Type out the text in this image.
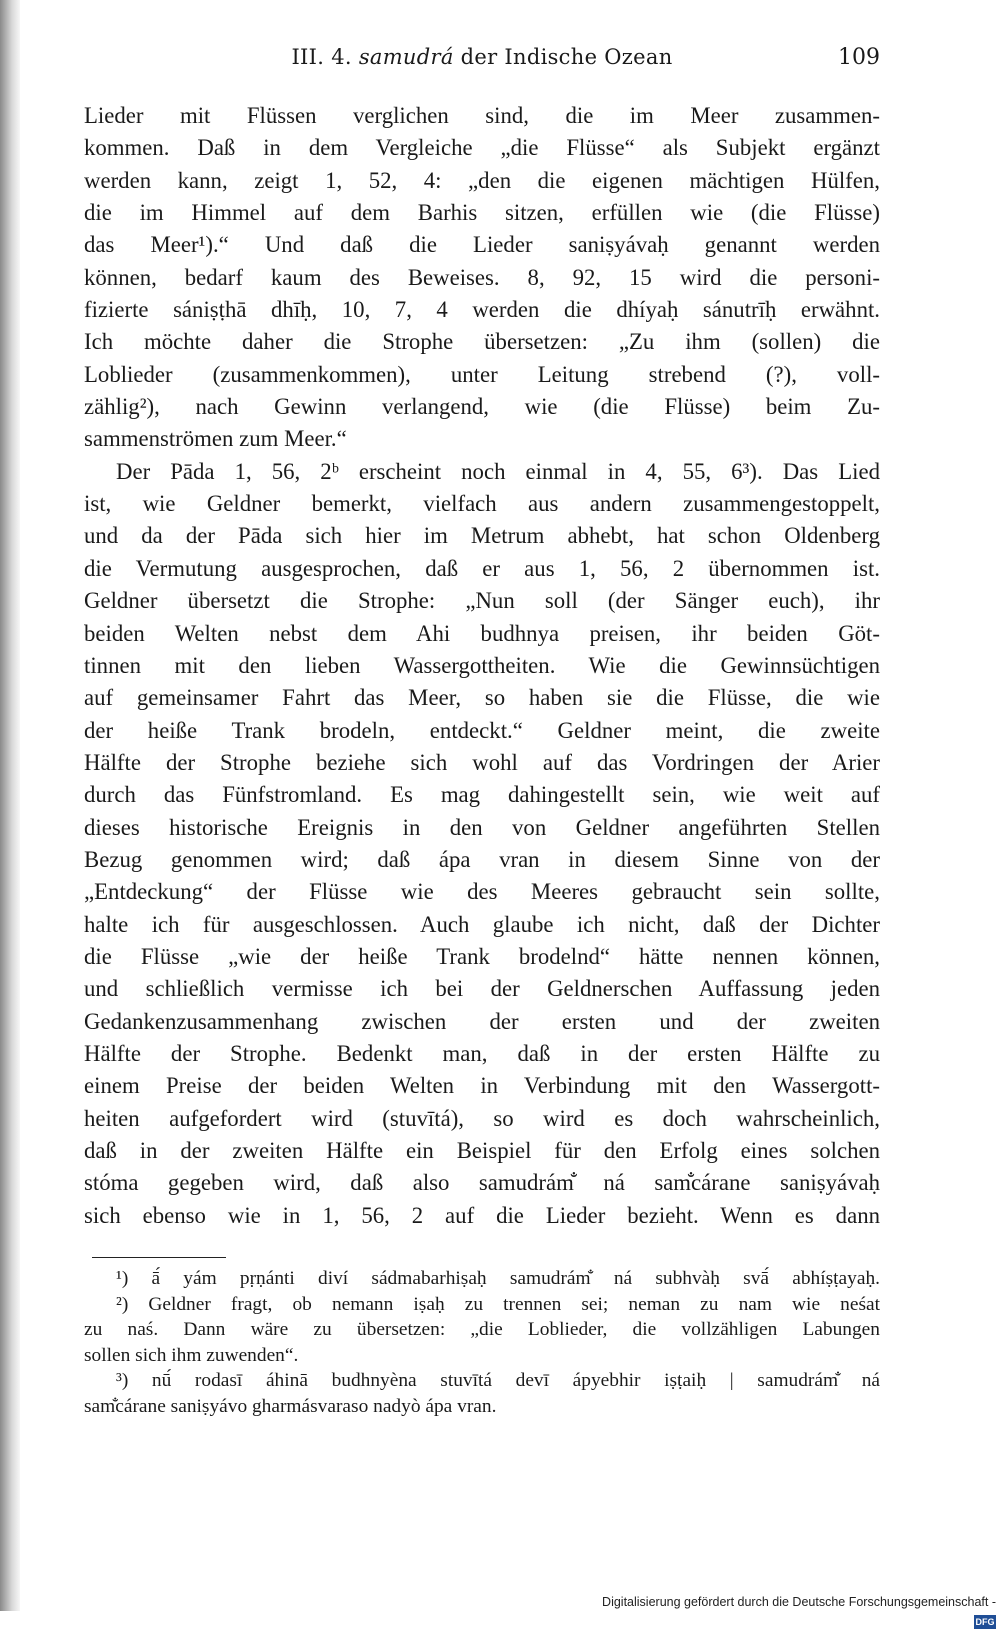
III. 4. samudrá der Indische Ozean	109
Lieder mit Flüssen verglichen sind, die im Meer zusammen-
kommen. Daß in dem Vergleiche „die Flüsse“ als Subjekt ergänzt
werden kann, zeigt 1, 52, 4: „den die eigenen mächtigen Hülfen,
die im Himmel auf dem Barhis sitzen, erfüllen wie (die Flüsse)
das Meer¹).“ Und daß die Lieder saniṣyávaḥ genannt werden
können, bedarf kaum des Beweises. 8, 92, 15 wird die personi-
fizierte sániṣṭhā dhīḥ, 10, 7, 4 werden die dhíyaḥ sánutrīḥ erwähnt.
Ich möchte daher die Strophe übersetzen: „Zu ihm (sollen) die
Loblieder (zusammenkommen), unter Leitung strebend (?), voll-
zählig²), nach Gewinn verlangend, wie (die Flüsse) beim Zu-
sammenströmen zum Meer.“
Der Pāda 1, 56, 2ᵇ erscheint noch einmal in 4, 55, 6³). Das Lied
ist, wie Geldner bemerkt, vielfach aus andern zusammengestoppelt,
und da der Pāda sich hier im Metrum abhebt, hat schon Oldenberg
die Vermutung ausgesprochen, daß er aus 1, 56, 2 übernommen ist.
Geldner übersetzt die Strophe: „Nun soll (der Sänger euch), ihr
beiden Welten nebst dem Ahi budhnya preisen, ihr beiden Göt-
tinnen mit den lieben Wassergottheiten. Wie die Gewinnsüchtigen
auf gemeinsamer Fahrt das Meer, so haben sie die Flüsse, die wie
der heiße Trank brodeln, entdeckt.“ Geldner meint, die zweite
Hälfte der Strophe beziehe sich wohl auf das Vordringen der Arier
durch das Fünfstromland. Es mag dahingestellt sein, wie weit auf
dieses historische Ereignis in den von Geldner angeführten Stellen
Bezug genommen wird; daß ápa vran in diesem Sinne von der
„Entdeckung“ der Flüsse wie des Meeres gebraucht sein sollte,
halte ich für ausgeschlossen. Auch glaube ich nicht, daß der Dichter
die Flüsse „wie der heiße Trank brodelnd“ hätte nennen können,
und schließlich vermisse ich bei der Geldnerschen Auffassung jeden
Gedankenzusammenhang zwischen der ersten und der zweiten
Hälfte der Strophe. Bedenkt man, daß in der ersten Hälfte zu
einem Preise der beiden Welten in Verbindung mit den Wassergott-
heiten aufgefordert wird (stuvītá), so wird es doch wahrscheinlich,
daß in der zweiten Hälfte ein Beispiel für den Erfolg eines solchen
stóma gegeben wird, daß also samudrám̐ ná sam̐cárane saniṣyávaḥ
sich ebenso wie in 1, 56, 2 auf die Lieder bezieht. Wenn es dann
¹) ā́ yám pṛṇánti diví sádmabarhiṣaḥ samudrám̐ ná subhvàḥ svā́ abhíṣṭayaḥ.
²) Geldner fragt, ob nemann iṣaḥ zu trennen sei; neman zu nam wie neśat
zu naś. Dann wäre zu übersetzen: „die Loblieder, die vollzähligen Labungen
sollen sich ihm zuwenden“.
³) nū́ rodasī áhinā budhnyèna stuvītá devī ápyebhir iṣṭaiḥ | samudrám̐ ná
sam̐cárane saniṣyávo gharmásvaraso nadyò ápa vran.
Digitalisierung gefördert durch die Deutsche Forschungsgemeinschaft -DFG
